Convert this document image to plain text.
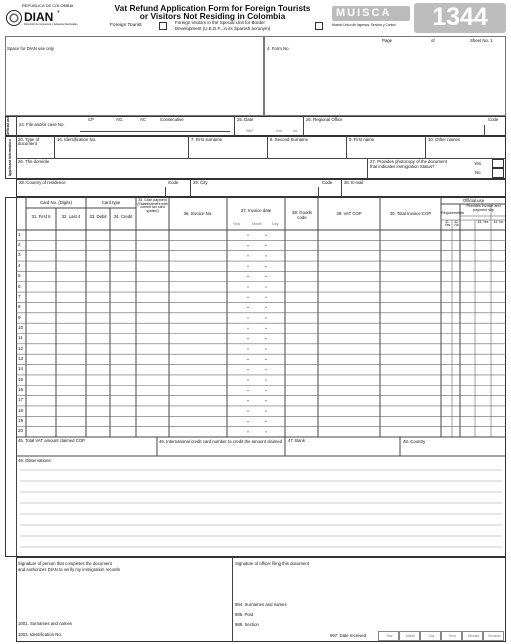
REPÚBLICA DE COLOMBIA
DIAN ®
Dirección de Impuestos y Aduanas Nacionales
Vat Refund Application Form for Foreign Tourists
or Visitors Not Residing in Colombia
Foreign Tourist
Foreign Visitors in the Special Unit for Border
Development (U.E.D.F., in its Spanish acronym)
MUISCA
Modelo Único de Ingresos, Servicio y Control	1344
Page	of	Sheet No. 1
Space for DIAN use only	4. Form No.
Official use 24. File and/or case No.
CP	AG.	AC	Consecutive	25. Date
WW	mm	dd
26. Regional Office	Code
Applicant information 20. Type of document
16. Identification No.	7. First surname	8. Second Surname	9. First name	10. Other names
26. The domicile	27. Provides photocopy of the document
that indicates immigration Status?
Yes
No
28. Country of residence	Code	29. City	Code	30. E-mail
Card No. (Digits)	Card type
31. First 6	32. Last 4	33. Debit	34. Credit
35. Cash payment (Establishment with current tax card system)	36. Invoice No.
37. Invoice date
Year	Month	Day
38. Goods code
39. VAT COP	40. Total Invoice COP
Official use
Requirements
Provides invoice and payment slip
41. Yes
42. No
43. Yes	44. No
1
2
3
4
5
6
7
8
9
10
11
12
13
14
15
16
17
18
19
20
45. Total VAT amount claimed COP	46. International credit card number to credit the amount claimed 47. Bank	48. Country
49. Observations:
Signature of person that completes the document
and Authorizes DIAN to verify my immigration records
1001. Surnames and names
1003. Identification No.
Signature of officer filing this document
984. Surnames and names
985. Post
989. Section
997. Date received	Year	Month	Day	Hour	Minutes	Seconds
